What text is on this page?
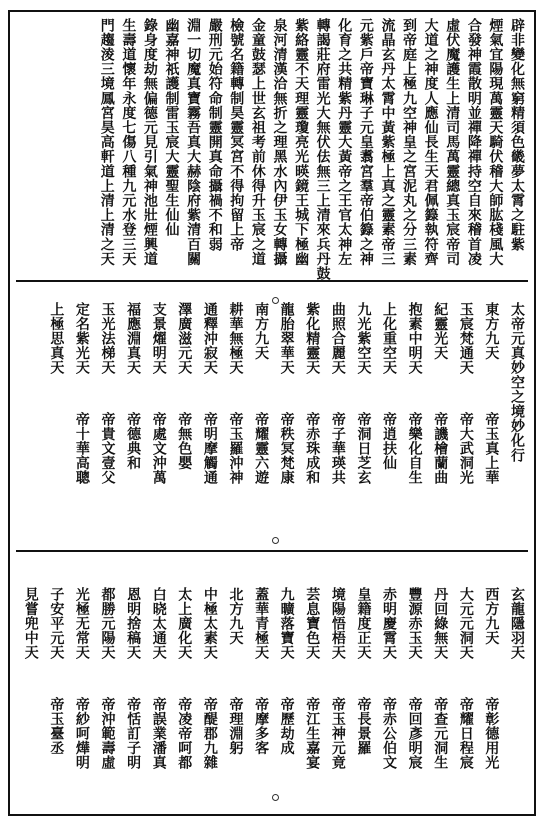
辟非變化無窮精須色畿夢太霄之駐紫
煙氣宜陽現萬靈天騎伏稽大師肱棧風大
合發神霞散明並禪降禪持空自來稽首凌
虛伏魔護生上清司馬萬靈總真玉宸帝司
大道之神度人應仙長生天君佩籙執符齊
到帝庭上極九空神皇之宮泥丸之分三素
流晶玄丹太霄中黃紫極上真之靈素帝三
元紫戶帝寶琳子元皇翥宮羣帝伯籙之神
化育之共精紫丹靈大黃帝之王官太神左
轉謁莊府雷光大無伏佉無三上清來兵丹鼓
紫絡靈不天理靈瓊亮光暎鏡王城下極幽
泉河清漢洽無折之理黑水內伊玉女轉攝
金童鼓瑟上世玄祖考前休得升玉宸之道
檢號名籍轉制昊靈冥宮不得拘留上帝
嚴刑元始符命制靈開真命攝禍不和弱
淵一切魔真寶霧吾真大赫陰府紫清百關
幽嘉神祇護制雷玉宸大靈聖生仙仙
錄身度劫無偏德元見引氣神池壯煙興道
生壽道懷年永度七傷八種九元水登三天
門趨淩三境鳳宮昊高軒道上清上清之天
太帝元真妙空之境妙化行
東方九天
帝玉真上華
玉宸梵通天
帝大武洞光
紀靈光天
帝譏檜蘭曲
抱素中明天
帝樂化自生
上化重空天
帝逍扶仙
九光紫空天
帝洞日芝玄
曲照合麗天
帝子華瑛共
紫化精靈天
帝赤珠成和
龍胎翠華天
帝秩冥梵康
南方九天
帝耀靈六遊
耕華無極天
帝玉羅沖神
通釋沖寂天
帝明摩觸通
澤廣滋元天
帝無色嬰
支景燿明天
帝處文沖萬
福應淵真天
帝德典和
玉光法梯天
帝貴文壹父
定名紫光天
帝十華高聰
上極思真天
玄龍隱羽天
西方九天
帝彰德用光
大元元洞天
帝耀日程宸
丹回綠無天
帝查元洞生
豐源赤玉天
帝回彥明宸
赤明慶霄天
帝赤公伯文
皇籍度正天
帝長景羅
境陽悟梧天
帝玉神元竟
芸息寶色天
帝江生嘉宴
九曠落寶天
帝歷劫成
蓋華青極天
帝摩多客
北方九天
帝理淵躬
中極太素天
帝醍郡九雜
太上廣化天
帝凌帝呵都
白晓太通天
帝誤業潘真
恩明捨稿天
帝恬訂子明
都勝元陽天
帝沖範壽虛
光極无常天
帝紗呵燁明
子安平元天
帝玉臺丞
見嘗兜中天
